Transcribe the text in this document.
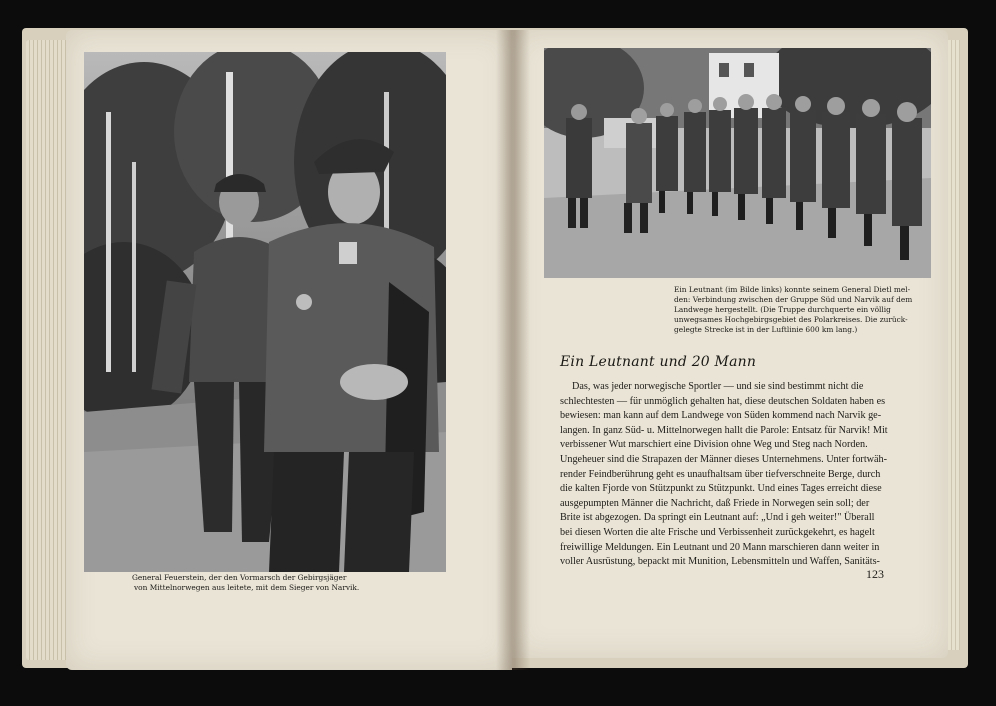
General Feuerstein, der den Vormarsch der Gebirgsjäger
von Mittelnorwegen aus leitete, mit dem Sieger von Narvik.
Ein Leutnant (im Bilde links) konnte seinem General Dietl mel-
den: Verbindung zwischen der Gruppe Süd und Narvik auf dem
Landwege hergestellt. (Die Truppe durchquerte ein völlig
unwegsames Hochgebirgsgebiet des Polarkreises. Die zurück-
gelegte Strecke ist in der Luftlinie 600 km lang.)
Ein Leutnant und 20 Mann
Das, was jeder norwegische Sportler — und sie sind bestimmt nicht die
schlechtesten — für unmöglich gehalten hat, diese deutschen Soldaten haben es
bewiesen: man kann auf dem Landwege von Süden kommend nach Narvik ge-
langen. In ganz Süd- u. Mittelnorwegen hallt die Parole: Entsatz für Narvik! Mit
verbissener Wut marschiert eine Division ohne Weg und Steg nach Norden.
Ungeheuer sind die Strapazen der Männer dieses Unternehmens. Unter fortwäh-
render Feindberührung geht es unaufhaltsam über tiefverschneite Berge, durch
die kalten Fjorde von Stützpunkt zu Stützpunkt. Und eines Tages erreicht diese
ausgepumpten Männer die Nachricht, daß Friede in Norwegen sein soll; der
Brite ist abgezogen. Da springt ein Leutnant auf: „Und i geh weiter!" Überall
bei diesen Worten die alte Frische und Verbissenheit zurückgekehrt, es hagelt
freiwillige Meldungen. Ein Leutnant und 20 Mann marschieren dann weiter in
voller Ausrüstung, bepackt mit Munition, Lebensmitteln und Waffen, Sanitäts-
123
